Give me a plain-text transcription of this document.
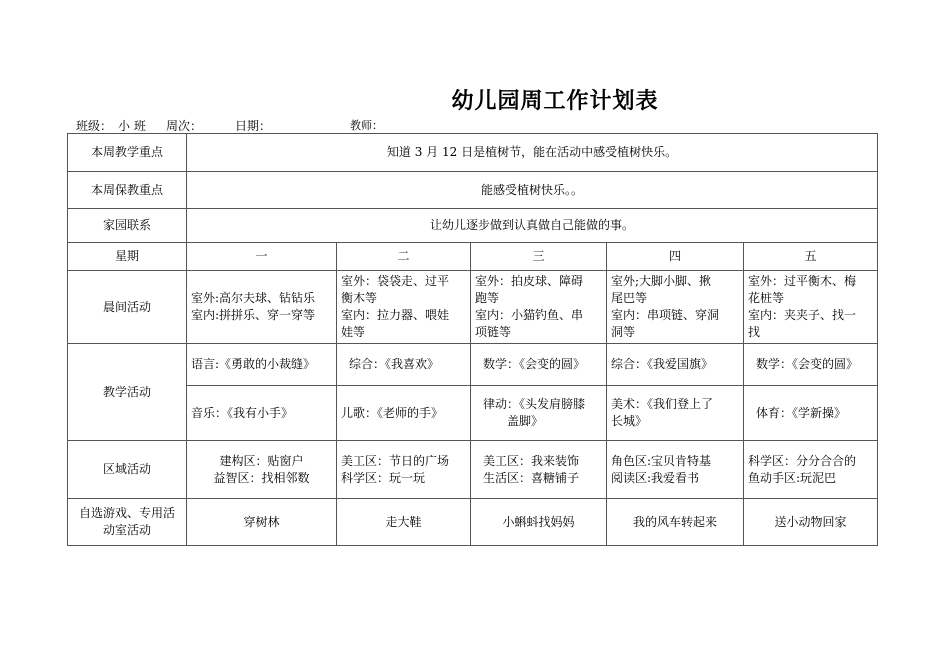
幼儿园周工作计划表
班级： 小 班 周次：	日期：	教师：
本周教学重点	知道 3 月 12 日是植树节，能在活动中感受植树快乐。				
本周保教重点	能感受植树快乐。。				
家园联系	让幼儿逐步做到认真做自己能做的事。				
星期	一	二	三	四	五
晨间活动	室外:高尔夫球、钻钻乐
室内:拼拼乐、穿一穿等	室外：袋袋走、过平
衡木等
室内：拉力器、喂娃
娃等	室外：拍皮球、障碍
跑等
室内：小猫钓鱼、串
项链等	室外;大脚小脚、揪
尾巴等
室内：串项链、穿洞
洞等	室外：过平衡木、梅
花桩等
室内：夹夹子、找一
找

教学活动	语言:《勇敢的小裁缝》	综合：《我喜欢》	数学：《会变的圆》	综合：《我爱国旗》	数学：《会变的圆》

	音乐：《我有小手》	儿歌：《老师的手》	律动：《头发肩膀膝
盖脚》	美术：《我们登上了
长城》	体育：《学新操》

区域活动	建构区：贴窗户
益智区：找相邻数	美工区：节日的广场
科学区：玩一玩	美工区：我来装饰
生活区：喜糖铺子	角色区:宝贝肯特基
阅读区:我爱看书	科学区：分分合合的
鱼动手区:玩泥巴

自选游戏、专用活
动室活动	穿树林	走大鞋	小蝌蚪找妈妈	我的风车转起来	送小动物回家
